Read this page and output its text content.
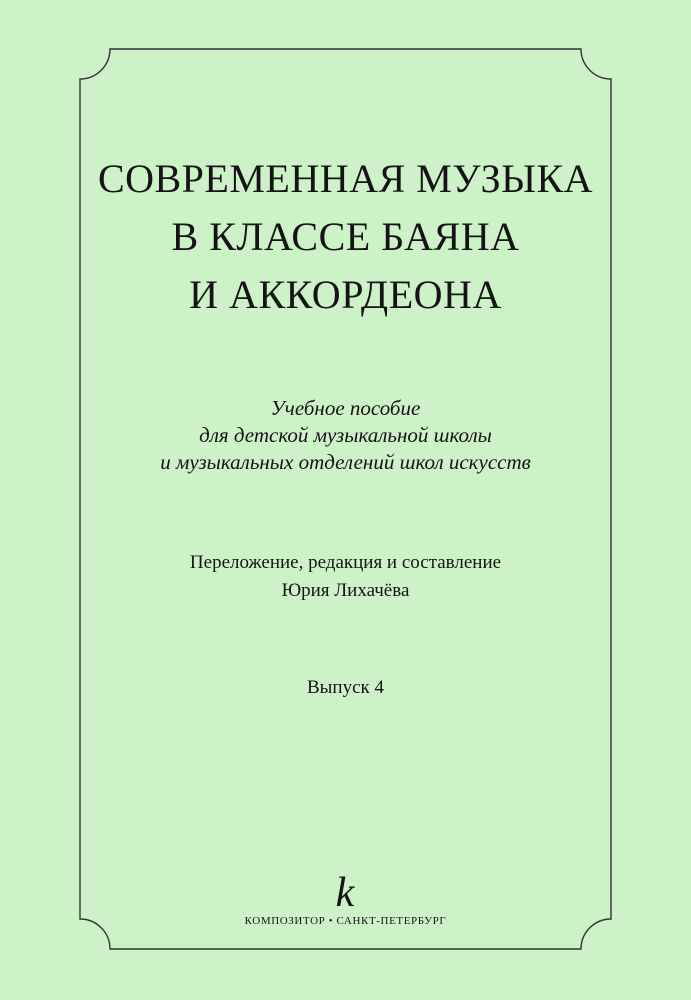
СОВРЕМЕННАЯ МУЗЫКА
В КЛАССЕ БАЯНА
И АККОРДЕОНА
Учебное пособие
для детской музыкальной школы
и музыкальных отделений школ искусств
Переложение, редакция и составление
Юрия Лихачёва
Выпуск 4
k
КОМПОЗИТОР • САНКТ-ПЕТЕРБУРГ
